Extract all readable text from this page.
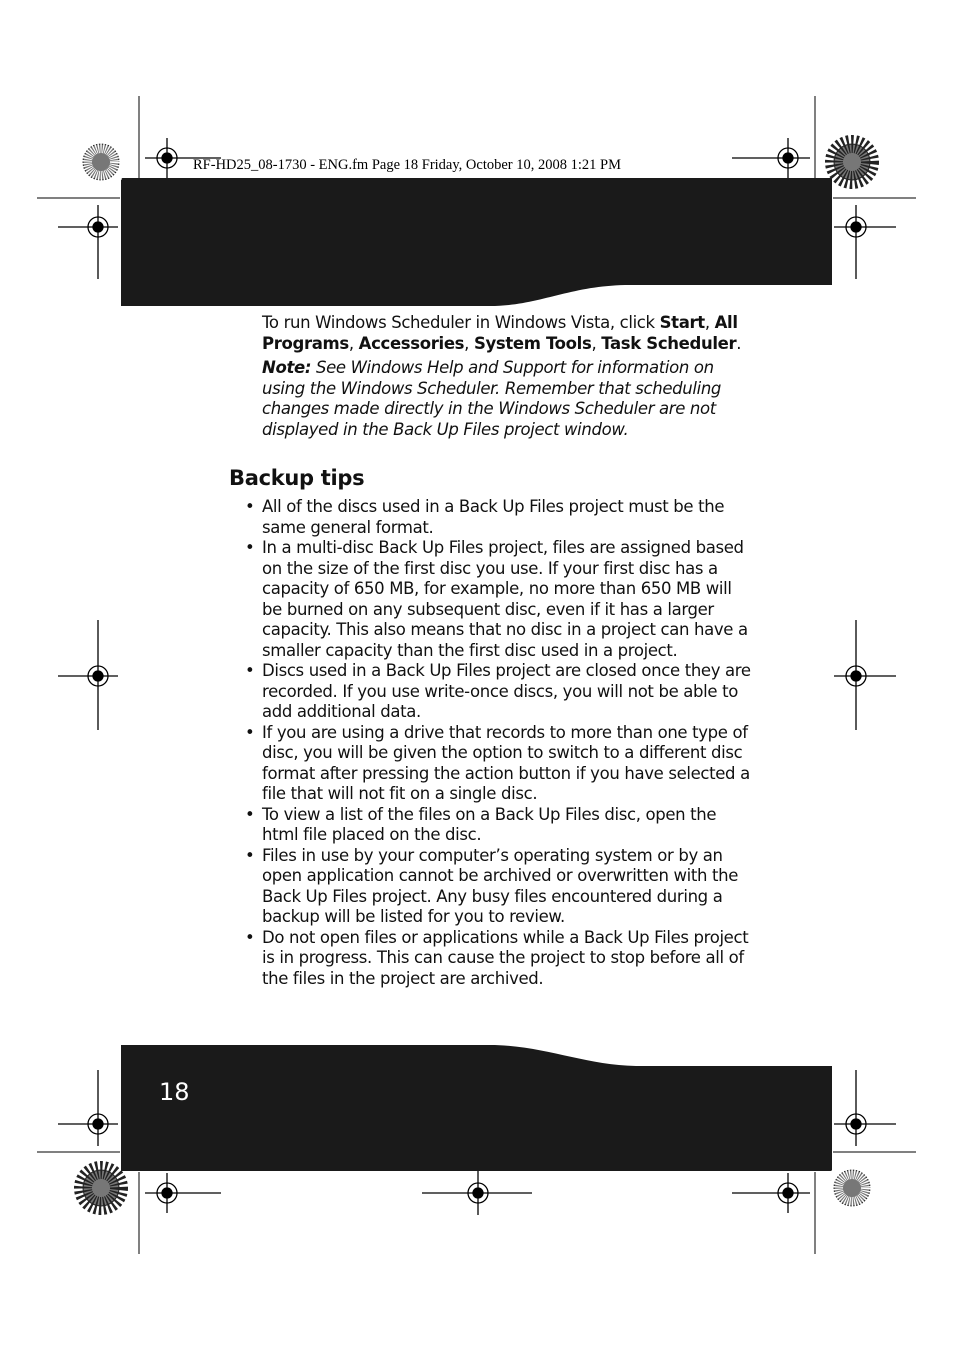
RF-HD25_08-1730 - ENG.fm Page 18 Friday, October 10, 2008 1:21 PM

To run Windows Scheduler in Windows Vista, click Start, All Programs, Accessories, System Tools, Task Scheduler.

Note: See Windows Help and Support for information on using the Windows Scheduler. Remember that scheduling changes made directly in the Windows Scheduler are not displayed in the Back Up Files project window.

Backup tips
• All of the discs used in a Back Up Files project must be the same general format.
• In a multi-disc Back Up Files project, files are assigned based on the size of the first disc you use. If your first disc has a capacity of 650 MB, for example, no more than 650 MB will be burned on any subsequent disc, even if it has a larger capacity. This also means that no disc in a project can have a smaller capacity than the first disc used in a project.
• Discs used in a Back Up Files project are closed once they are recorded. If you use write-once discs, you will not be able to add additional data.
• If you are using a drive that records to more than one type of disc, you will be given the option to switch to a different disc format after pressing the action button if you have selected a file that will not fit on a single disc.
• To view a list of the files on a Back Up Files disc, open the html file placed on the disc.
• Files in use by your computer’s operating system or by an open application cannot be archived or overwritten with the Back Up Files project. Any busy files encountered during a backup will be listed for you to review.
• Do not open files or applications while a Back Up Files project is in progress. This can cause the project to stop before all of the files in the project are archived.
18
